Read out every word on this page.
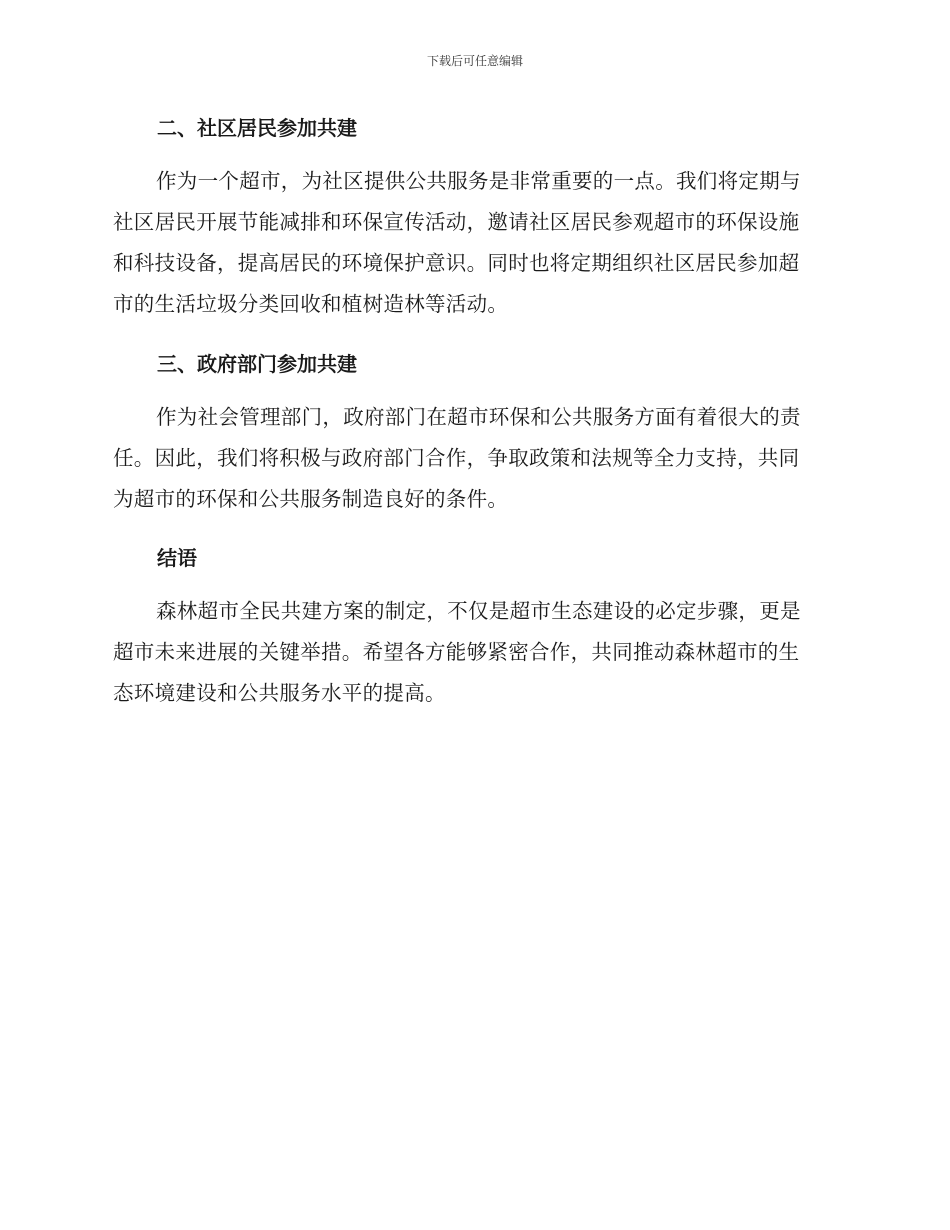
下载后可任意编辑
二、社区居民参加共建
作为一个超市，为社区提供公共服务是非常重要的一点。我们将定期与
社区居民开展节能减排和环保宣传活动，邀请社区居民参观超市的环保设施
和科技设备，提高居民的环境保护意识。同时也将定期组织社区居民参加超
市的生活垃圾分类回收和植树造林等活动。
三、政府部门参加共建
作为社会管理部门，政府部门在超市环保和公共服务方面有着很大的责
任。因此，我们将积极与政府部门合作，争取政策和法规等全力支持，共同
为超市的环保和公共服务制造良好的条件。
结语
森林超市全民共建方案的制定，不仅是超市生态建设的必定步骤，更是
超市未来进展的关键举措。希望各方能够紧密合作，共同推动森林超市的生
态环境建设和公共服务水平的提高。
